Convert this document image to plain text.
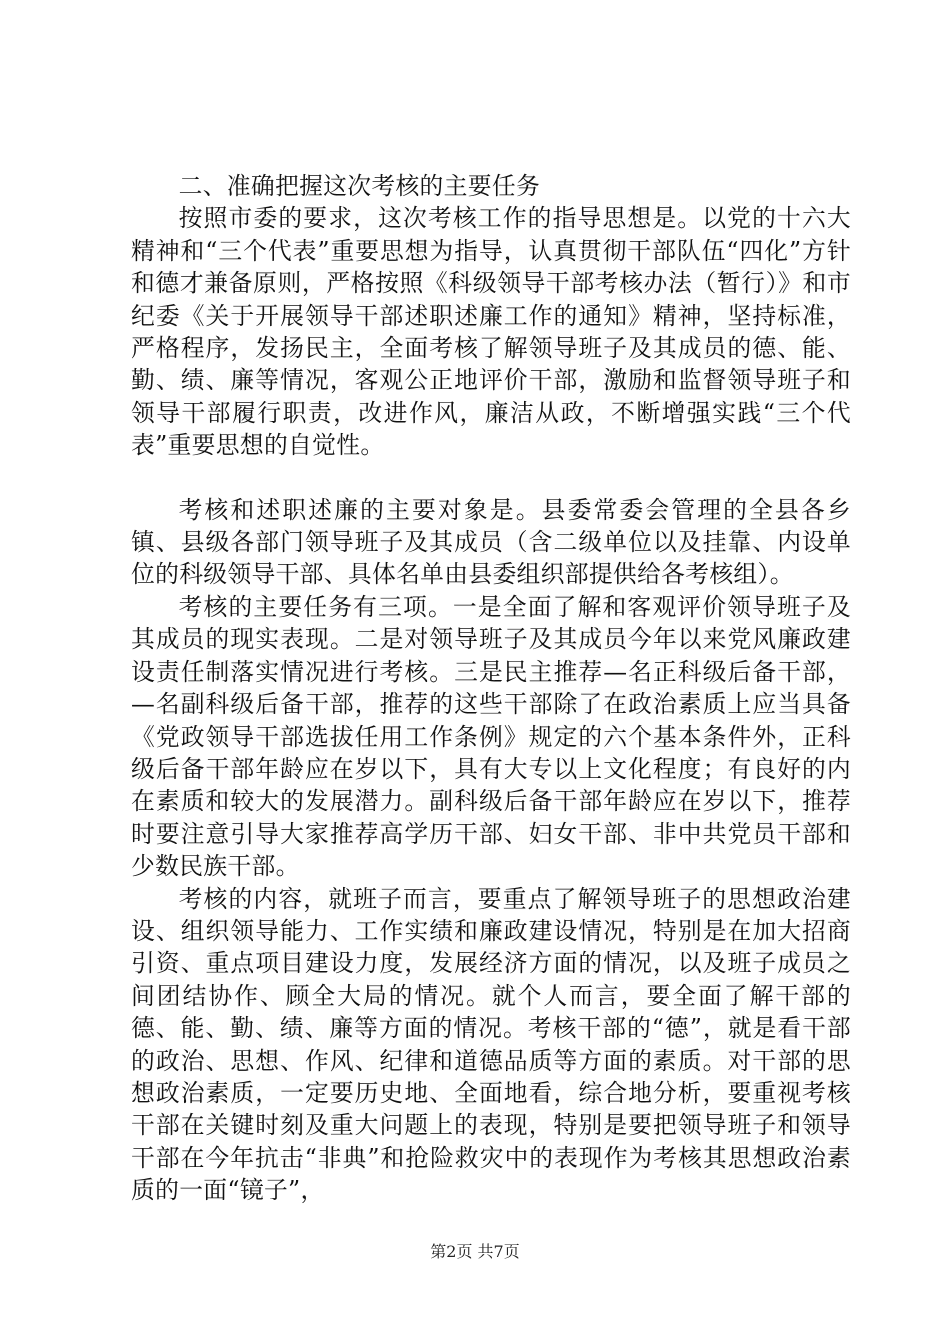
二、准确把握这次考核的主要任务

按照市委的要求，这次考核工作的指导思想是。以党的十六大精神和“三个代表”重要思想为指导，认真贯彻干部队伍“四化”方针和德才兼备原则，严格按照《科级领导干部考核办法（暂行）》和市纪委《关于开展领导干部述职述廉工作的通知》精神，坚持标准，严格程序，发扬民主，全面考核了解领导班子及其成员的德、能、勤、绩、廉等情况，客观公正地评价干部，激励和监督领导班子和领导干部履行职责，改进作风，廉洁从政，不断增强实践“三个代表”重要思想的自觉性。

考核和述职述廉的主要对象是。县委常委会管理的全县各乡镇、县级各部门领导班子及其成员（含二级单位以及挂靠、内设单位的科级领导干部、具体名单由县委组织部提供给各考核组）。

考核的主要任务有三项。一是全面了解和客观评价领导班子及其成员的现实表现。二是对领导班子及其成员今年以来党风廉政建设责任制落实情况进行考核。三是民主推荐—名正科级后备干部，—名副科级后备干部，推荐的这些干部除了在政治素质上应当具备《党政领导干部选拔任用工作条例》规定的六个基本条件外，正科级后备干部年龄应在岁以下，具有大专以上文化程度；有良好的内在素质和较大的发展潜力。副科级后备干部年龄应在岁以下，推荐时要注意引导大家推荐高学历干部、妇女干部、非中共党员干部和少数民族干部。

考核的内容，就班子而言，要重点了解领导班子的思想政治建设、组织领导能力、工作实绩和廉政建设情况，特别是在加大招商引资、重点项目建设力度，发展经济方面的情况，以及班子成员之间团结协作、顾全大局的情况。就个人而言，要全面了解干部的德、能、勤、绩、廉等方面的情况。考核干部的“德”，就是看干部的政治、思想、作风、纪律和道德品质等方面的素质。对干部的思想政治素质，一定要历史地、全面地看，综合地分析，要重视考核干部在关键时刻及重大问题上的表现，特别是要把领导班子和领导干部在今年抗击“非典”和抢险救灾中的表现作为考核其思想政治素质的一面“镜子”，

第2页 共7页
